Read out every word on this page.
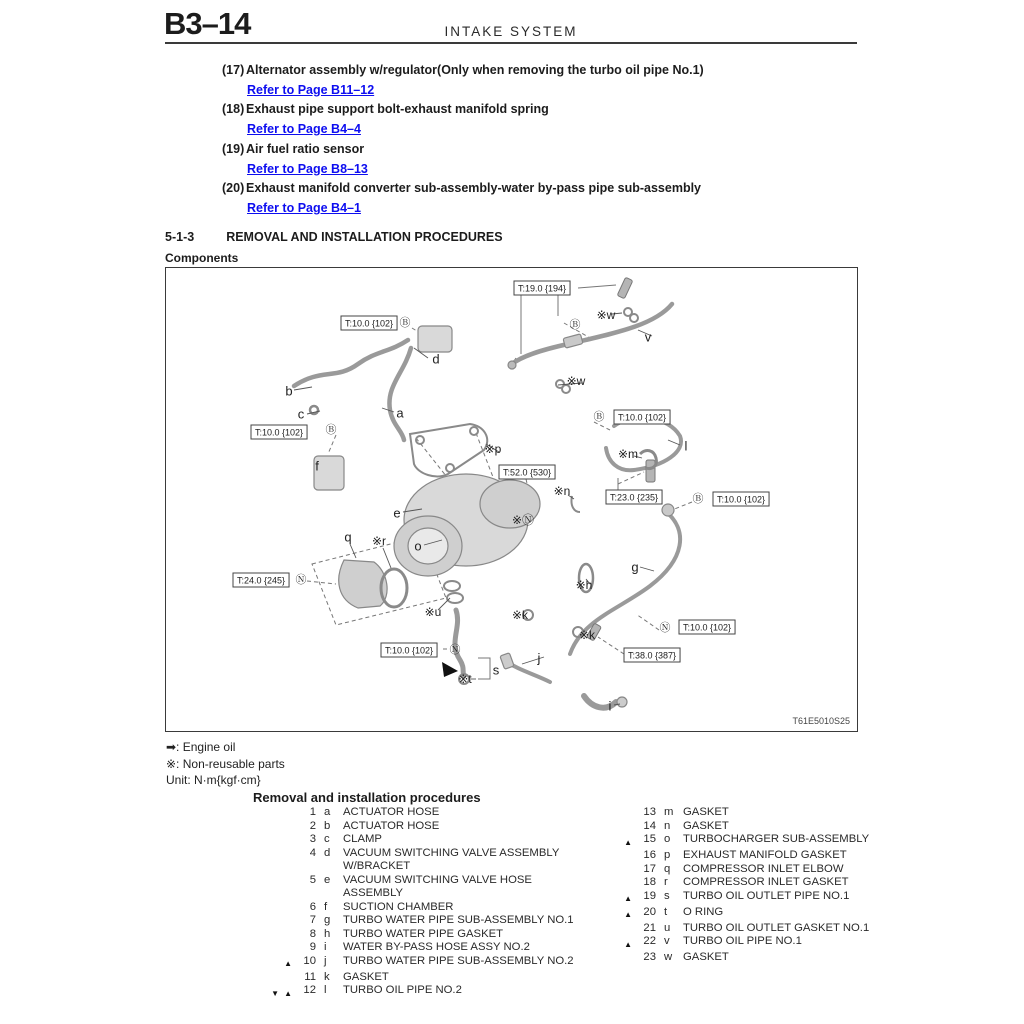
B3–14	INTAKE SYSTEM
(17) Alternator assembly w/regulator(Only when removing the turbo oil pipe No.1)
Refer to Page B11–12
(18) Exhaust pipe support bolt-exhaust manifold spring
Refer to Page B4–4
(19) Air fuel ratio sensor
Refer to Page B8–13
(20) Exhaust manifold converter sub-assembly-water by-pass pipe sub-assembly
Refer to Page B4–1
5-1-3	REMOVAL AND INSTALLATION PROCEDURES
Components
T:19.0 {194}
T:10.0 {102}
T:10.0 {102}
T:52.0 {530}
T:10.0 {102}
T:23.0 {235}	T:10.0 {102}
T:24.0 {245}
T:10.0 {102}	T:38.0 {387}
T:10.0 {102}
v
d
b
c	a
f
e
q
o
l
g
j
s
i
※w
※w
※p
※n
※m
※r
※u	※k
※k
※h
※t
※Ⓝ
Ⓑ
Ⓑ
Ⓑ
Ⓑ
Ⓑ
Ⓝ
Ⓝ
Ⓝ
T61E5010S25
➡: Engine oil
※: Non-reusable parts
Unit: N·m{kgf·cm}
Removal and installation procedures
1 a	ACTUATOR HOSE
2 b	ACTUATOR HOSE
3 c	CLAMP
4 d	VACUUM SWITCHING VALVE ASSEMBLY W/BRACKET
5 e	VACUUM SWITCHING VALVE HOSE ASSEMBLY
6 f	SUCTION CHAMBER
7 g	TURBO WATER PIPE SUB-ASSEMBLY NO.1
8 h	TURBO WATER PIPE GASKET
9 i	WATER BY-PASS HOSE ASSY NO.2
▲	10 j	TURBO WATER PIPE SUB-ASSEMBLY NO.2
11 k	GASKET
▼ ▲	12 l	TURBO OIL PIPE NO.2
13 m GASKET
14 n	GASKET
▲	15 o	TURBOCHARGER SUB-ASSEMBLY
16 p	EXHAUST MANIFOLD GASKET
17 q	COMPRESSOR INLET ELBOW
18 r	COMPRESSOR INLET GASKET
▲	19 s	TURBO OIL OUTLET PIPE NO.1
▲	20 t	O RING
21 u	TURBO OIL OUTLET GASKET NO.1
▲	22 v	TURBO OIL PIPE NO.1
23 w GASKET
